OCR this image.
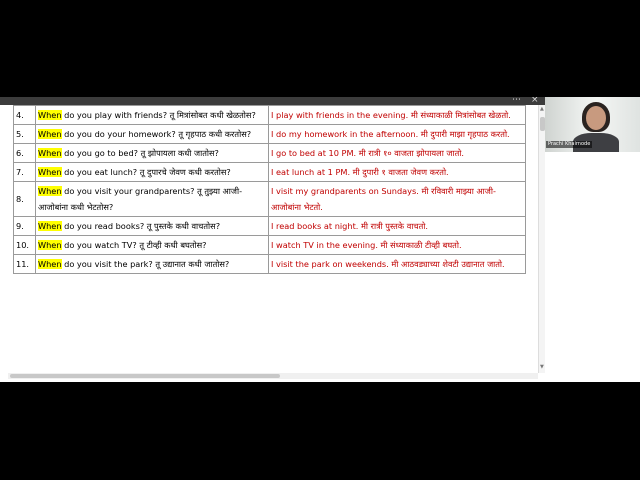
⋯ ×
4.	When do you play with friends? तू मित्रांसोबत कधी खेळतोस?	I play with friends in the evening. मी संध्याकाळी मित्रांसोबत खेळतो.
5.	When do you do your homework? तू गृहपाठ कधी करतोस?	I do my homework in the afternoon. मी दुपारी माझा गृहपाठ करतो.
6.	When do you go to bed? तू झोपायला कधी जातोस?	I go to bed at 10 PM. मी रात्री १० वाजता झोपायला जातो.
7.	When do you eat lunch? तू दुपारचे जेवण कधी करतोस?	I eat lunch at 1 PM. मी दुपारी १ वाजता जेवण करतो.
8.	When do you visit your grandparents? तू तुझ्या आजी-आजोबांना कधी भेटतोस?	I visit my grandparents on Sundays. मी रविवारी माझ्या आजी-आजोबांना भेटतो.
9.	When do you read books? तू पुस्तके कधी वाचतोस?	I read books at night. मी रात्री पुस्तके वाचतो.
10.	When do you watch TV? तू टीव्ही कधी बघतोस?	I watch TV in the evening. मी संध्याकाळी टीव्ही बघतो.
11.	When do you visit the park? तू उद्यानात कधी जातोस?	I visit the park on weekends. मी आठवड्याच्या शेवटी उद्यानात जातो.
▲
▼
Prachi Khairnode
